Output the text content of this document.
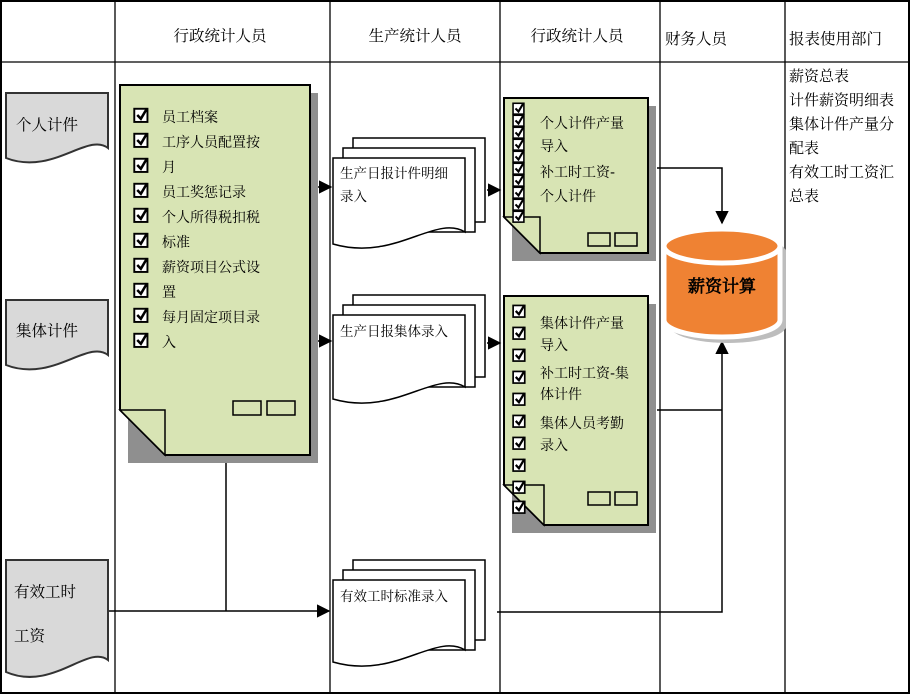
行政统计人员	生产统计人员	行政统计人员	财务人员	报表使用部门
个人计件
集体计件
有效工时
工资
员工档案
工序人员配置按
月
员工奖惩记录
个人所得税扣税
标准
薪资项目公式设
置
每月固定项目录
入
生产日报计件明细
录入
生产日报集体录入
有效工时标准录入
个人计件产量
导入
补工时工资-
个人计件
集体计件产量
导入
补工时工资-集
体计件
集体人员考勤
录入
薪资计算
薪资总表
计件薪资明细表
集体计件产量分
配表
有效工时工资汇
总表
